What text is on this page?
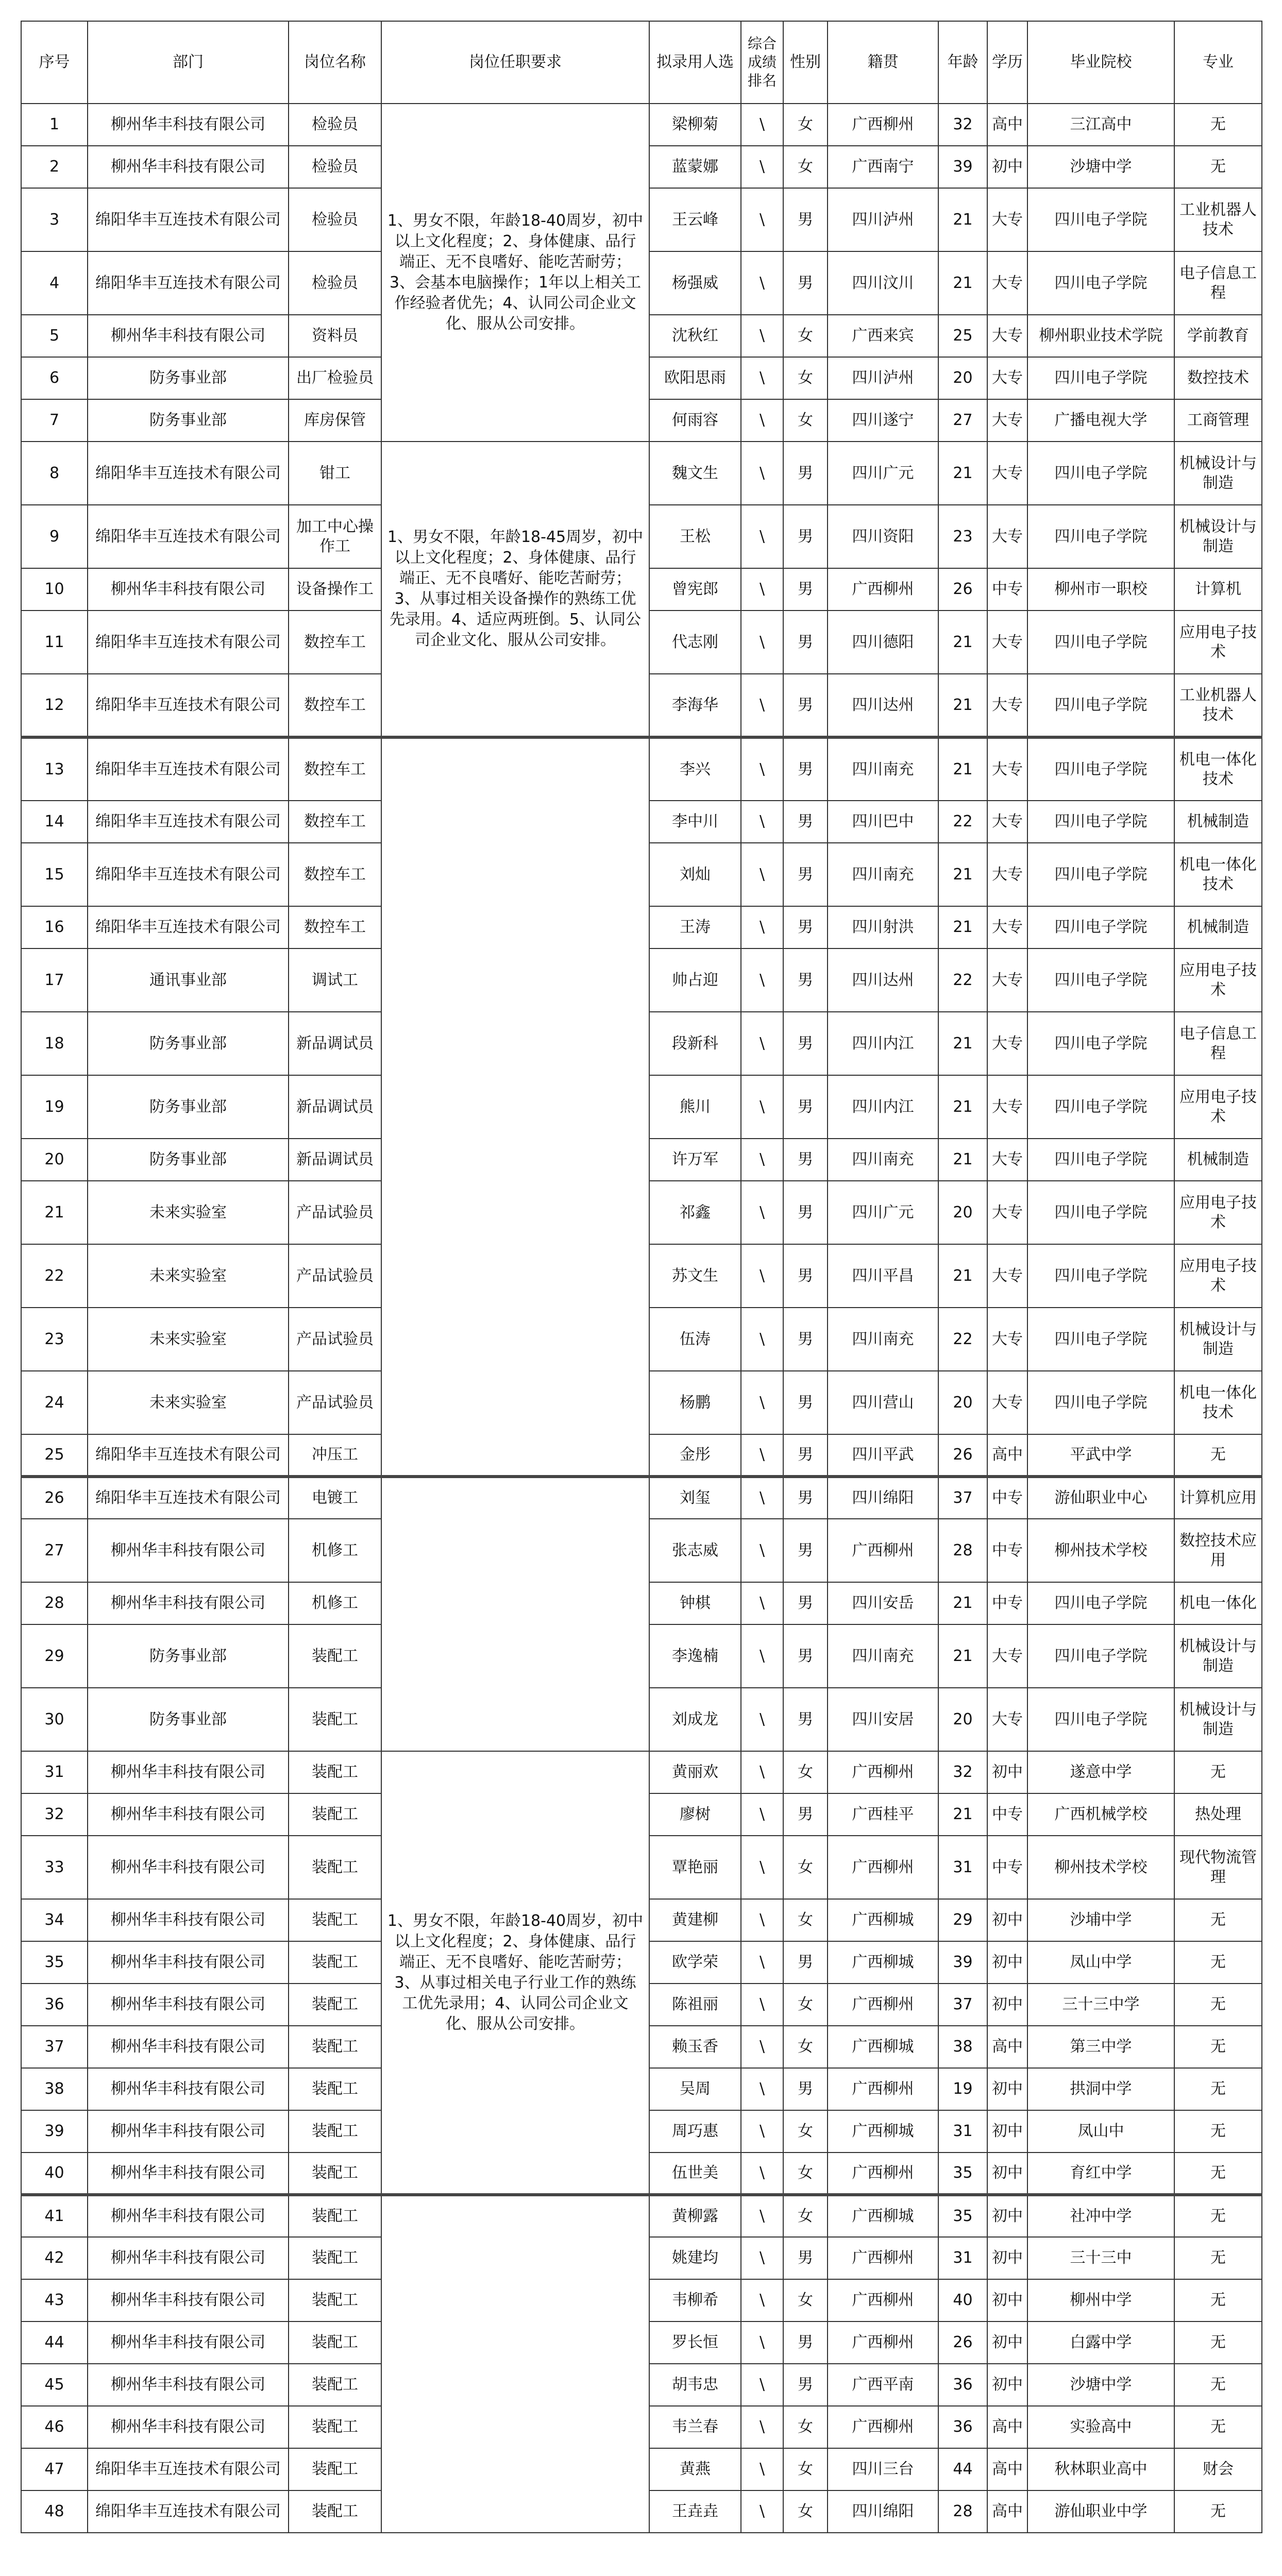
序号	部门	岗位名称	岗位任职要求	拟录用人选	综合成绩排名	性别	籍贯	年龄	学历	毕业院校	专业
1	柳州华丰科技有限公司	检验员	1、男女不限，年龄18-40周岁，初中以上文化程度；2、身体健康、品行端正、无不良嗜好、能吃苦耐劳；3、会基本电脑操作；1年以上相关工作经验者优先；4、认同公司企业文化、服从公司安排。	梁柳菊	\	女	广西柳州	32	高中	三江高中	无
2	柳州华丰科技有限公司	检验员		蓝蒙娜	\	女	广西南宁	39	初中	沙塘中学	无
3	绵阳华丰互连技术有限公司	检验员		王云峰	\	男	四川泸州	21	大专	四川电子学院	工业机器人技术
4	绵阳华丰互连技术有限公司	检验员		杨强威	\	男	四川汶川	21	大专	四川电子学院	电子信息工程
5	柳州华丰科技有限公司	资料员		沈秋红	\	女	广西来宾	25	大专	柳州职业技术学院	学前教育
6	防务事业部	出厂检验员		欧阳思雨	\	女	四川泸州	20	大专	四川电子学院	数控技术
7	防务事业部	库房保管		何雨容	\	女	四川遂宁	27	大专	广播电视大学	工商管理
8	绵阳华丰互连技术有限公司	钳工	1、男女不限，年龄18-45周岁，初中以上文化程度；2、身体健康、品行端正、无不良嗜好、能吃苦耐劳；3、从事过相关设备操作的熟练工优先录用。4、适应两班倒。5、认同公司企业文化、服从公司安排。	魏文生	\	男	四川广元	21	大专	四川电子学院	机械设计与制造
9	绵阳华丰互连技术有限公司	加工中心操作工		王松	\	男	四川资阳	23	大专	四川电子学院	机械设计与制造
10	柳州华丰科技有限公司	设备操作工		曾宪郎	\	男	广西柳州	26	中专	柳州市一职校	计算机
11	绵阳华丰互连技术有限公司	数控车工		代志刚	\	男	四川德阳	21	大专	四川电子学院	应用电子技术
12	绵阳华丰互连技术有限公司	数控车工		李海华	\	男	四川达州	21	大专	四川电子学院	工业机器人技术
13	绵阳华丰互连技术有限公司	数控车工		李兴	\	男	四川南充	21	大专	四川电子学院	机电一体化技术
14	绵阳华丰互连技术有限公司	数控车工		李中川	\	男	四川巴中	22	大专	四川电子学院	机械制造
15	绵阳华丰互连技术有限公司	数控车工		刘灿	\	男	四川南充	21	大专	四川电子学院	机电一体化技术
16	绵阳华丰互连技术有限公司	数控车工		王涛	\	男	四川射洪	21	大专	四川电子学院	机械制造
17	通讯事业部	调试工		帅占迎	\	男	四川达州	22	大专	四川电子学院	应用电子技术
18	防务事业部	新品调试员		段新科	\	男	四川内江	21	大专	四川电子学院	电子信息工程
19	防务事业部	新品调试员		熊川	\	男	四川内江	21	大专	四川电子学院	应用电子技术
20	防务事业部	新品调试员		许万军	\	男	四川南充	21	大专	四川电子学院	机械制造
21	未来实验室	产品试验员		祁鑫	\	男	四川广元	20	大专	四川电子学院	应用电子技术
22	未来实验室	产品试验员		苏文生	\	男	四川平昌	21	大专	四川电子学院	应用电子技术
23	未来实验室	产品试验员		伍涛	\	男	四川南充	22	大专	四川电子学院	机械设计与制造
24	未来实验室	产品试验员		杨鹏	\	男	四川营山	20	大专	四川电子学院	机电一体化技术
25	绵阳华丰互连技术有限公司	冲压工		金彤	\	男	四川平武	26	高中	平武中学	无
26	绵阳华丰互连技术有限公司	电镀工		刘玺	\	男	四川绵阳	37	中专	游仙职业中心	计算机应用
27	柳州华丰科技有限公司	机修工		张志威	\	男	广西柳州	28	中专	柳州技术学校	数控技术应用
28	柳州华丰科技有限公司	机修工		钟棋	\	男	四川安岳	21	中专	四川电子学院	机电一体化
29	防务事业部	装配工		李逸楠	\	男	四川南充	21	大专	四川电子学院	机械设计与制造
30	防务事业部	装配工		刘成龙	\	男	四川安居	20	大专	四川电子学院	机械设计与制造
31	柳州华丰科技有限公司	装配工	1、男女不限，年龄18-40周岁，初中以上文化程度；2、身体健康、品行端正、无不良嗜好、能吃苦耐劳；3、从事过相关电子行业工作的熟练工优先录用；4、认同公司企业文化、服从公司安排。	黄丽欢	\	女	广西柳州	32	初中	遂意中学	无
32	柳州华丰科技有限公司	装配工		廖树	\	男	广西桂平	21	中专	广西机械学校	热处理
33	柳州华丰科技有限公司	装配工		覃艳丽	\	女	广西柳州	31	中专	柳州技术学校	现代物流管理
34	柳州华丰科技有限公司	装配工		黄建柳	\	女	广西柳城	29	初中	沙埔中学	无
35	柳州华丰科技有限公司	装配工		欧学荣	\	男	广西柳城	39	初中	凤山中学	无
36	柳州华丰科技有限公司	装配工		陈祖丽	\	女	广西柳州	37	初中	三十三中学	无
37	柳州华丰科技有限公司	装配工		赖玉香	\	女	广西柳城	38	高中	第三中学	无
38	柳州华丰科技有限公司	装配工		吴周	\	男	广西柳州	19	初中	拱洞中学	无
39	柳州华丰科技有限公司	装配工		周巧惠	\	女	广西柳城	31	初中	凤山中	无
40	柳州华丰科技有限公司	装配工		伍世美	\	女	广西柳州	35	初中	育红中学	无
41	柳州华丰科技有限公司	装配工		黄柳露	\	女	广西柳城	35	初中	社冲中学	无
42	柳州华丰科技有限公司	装配工		姚建均	\	男	广西柳州	31	初中	三十三中	无
43	柳州华丰科技有限公司	装配工		韦柳希	\	女	广西柳州	40	初中	柳州中学	无
44	柳州华丰科技有限公司	装配工		罗长恒	\	男	广西柳州	26	初中	白露中学	无
45	柳州华丰科技有限公司	装配工		胡韦忠	\	男	广西平南	36	初中	沙塘中学	无
46	柳州华丰科技有限公司	装配工		韦兰春	\	女	广西柳州	36	高中	实验高中	无
47	绵阳华丰互连技术有限公司	装配工		黄燕	\	女	四川三台	44	高中	秋林职业高中	财会
48	绵阳华丰互连技术有限公司	装配工		王垚垚	\	女	四川绵阳	28	高中	游仙职业中学	无
